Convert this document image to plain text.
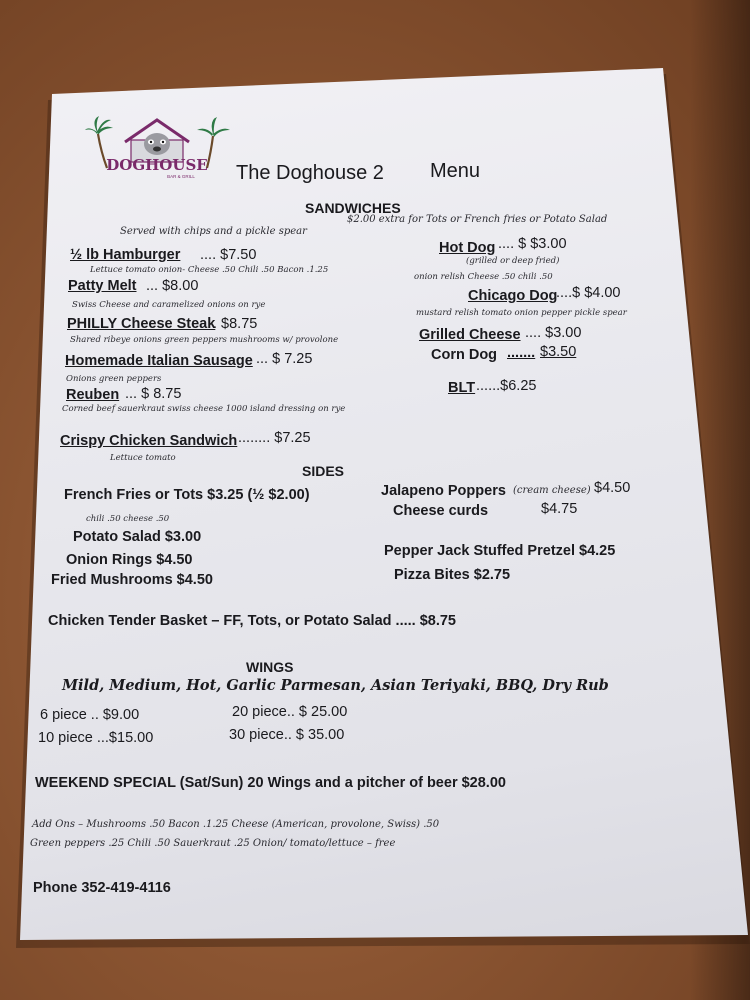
DOGHOUSE
BAR & GRILL The Doghouse 2 Menu
SANDWICHES
Served with chips and a pickle spear
$2.00 extra for Tots or French fries or Potato Salad
½ lb Hamburger .... $7.50
Lettuce tomato onion- Cheese .50 Chili .50 Bacon .1.25
Patty Melt ... $8.00
Swiss Cheese and caramelized onions on rye
PHILLY Cheese Steak
. $8.75
Shared ribeye onions green peppers mushrooms w/ provolone
Homemade Italian Sausage ... $ 7.25
Onions green peppers
Reuben ... $ 8.75
Corned beef sauerkraut swiss cheese 1000 island dressing on rye
Crispy Chicken Sandwich ........ $7.25
Lettuce tomato
Hot Dog .... $ $3.00
(grilled or deep fried)
onion relish Cheese .50 chili .50
Chicago Dog
....$ $4.00
mustard relish tomato onion pepper pickle spear
Grilled Cheese .... $3.00
Corn Dog ....... $3.50
BLT ......$6.25
SIDES
French Fries or Tots $3.25 (½ $2.00)
chili .50 cheese .50
Potato Salad $3.00
Onion Rings $4.50
Fried Mushrooms $4.50
Jalapeno Poppers (cream cheese) $4.50
Cheese curds	$4.75
Pepper Jack Stuffed Pretzel $4.25
Pizza Bites $2.75
Chicken Tender Basket – FF, Tots, or Potato Salad ..... $8.75
WINGS
Mild, Medium, Hot, Garlic Parmesan, Asian Teriyaki, BBQ, Dry Rub
6 piece .. $9.00
10 piece ...$15.00
20 piece.. $ 25.00
30 piece.. $ 35.00
WEEKEND SPECIAL (Sat/Sun) 20 Wings and a pitcher of beer $28.00
Add Ons – Mushrooms .50 Bacon .1.25 Cheese (American, provolone, Swiss) .50
Green peppers .25 Chili .50 Sauerkraut .25 Onion/ tomato/lettuce – free
Phone 352-419-4116
